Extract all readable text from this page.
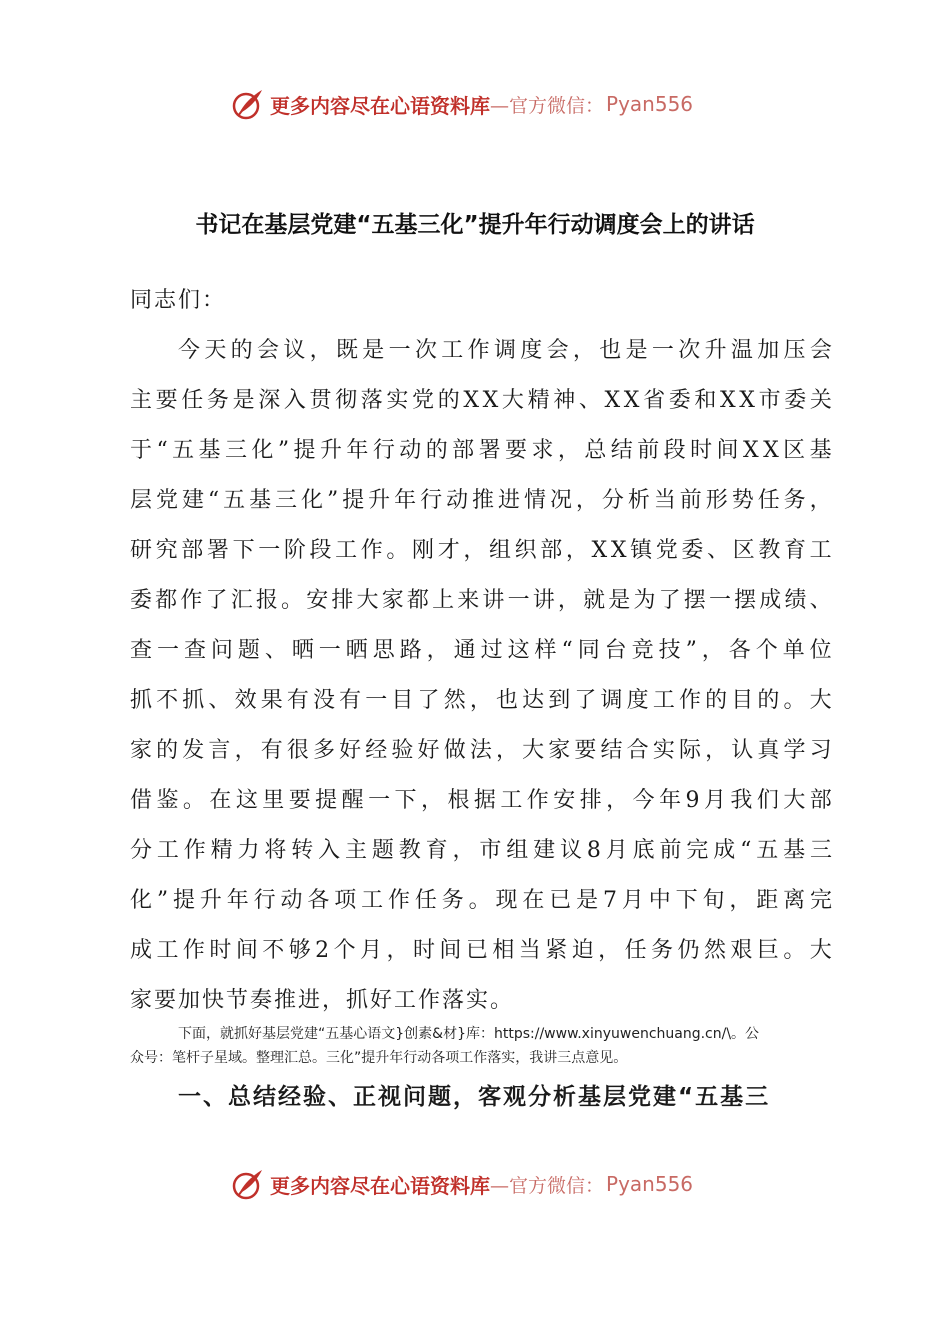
更多内容尽在心语资料库 —官方微信： Pyan556
书记在基层党建“五基三化”提升年行动调度会上的讲话
同志们：
今 天 的 会 议 ， 既 是 一 次 工 作 调 度 会 ， 也 是 一 次 升 温 加 压 会
主 要 任 务 是 深 入 贯 彻 落 实 党 的 X X 大 精 神 、 X X 省 委 和 X X 市 委 关
于 “ 五 基 三 化 ” 提 升 年 行 动 的 部 署 要 求 ， 总 结 前 段 时 间 X X 区 基
层 党 建 “ 五 基 三 化 ” 提 升 年 行 动 推 进 情 况 ， 分 析 当 前 形 势 任 务 ，
研 究 部 署 下 一 阶 段 工 作 。 刚 才 ， 组 织 部 ， X X 镇 党 委 、 区 教 育 工
委 都 作 了 汇 报 。 安 排 大 家 都 上 来 讲 一 讲 ， 就 是 为 了 摆 一 摆 成 绩 、
查 一 查 问 题 、 晒 一 晒 思 路 ， 通 过 这 样 “ 同 台 竞 技 ” ， 各 个 单 位
抓 不 抓 、 效 果 有 没 有 一 目 了 然 ， 也 达 到 了 调 度 工 作 的 目 的 。 大
家 的 发 言 ， 有 很 多 好 经 验 好 做 法 ， 大 家 要 结 合 实 际 ， 认 真 学 习
借 鉴 。 在 这 里 要 提 醒 一 下 ， 根 据 工 作 安 排 ， 今 年 9 月 我 们 大 部
分 工 作 精 力 将 转 入 主 题 教 育 ， 市 组 建 议 8 月 底 前 完 成 “ 五 基 三
化 ” 提 升 年 行 动 各 项 工 作 任 务 。 现 在 已 是 7 月 中 下 旬 ， 距 离 完
成 工 作 时 间 不 够 2 个 月 ， 时 间 已 相 当 紧 迫 ， 任 务 仍 然 艰 巨 。 大
家要加快节奏推进，抓好工作落实。
下面，就抓好基层党建“五基心语文}创素&材}库：https://www.xinyuwenchuang.cn/\。公
众号：笔杆子星域。整理汇总。三化”提升年行动各项工作落实，我讲三点意见。
一、总结经验、正视问题，客观分析基层党建“五基三
更多内容尽在心语资料库 —官方微信： Pyan556
